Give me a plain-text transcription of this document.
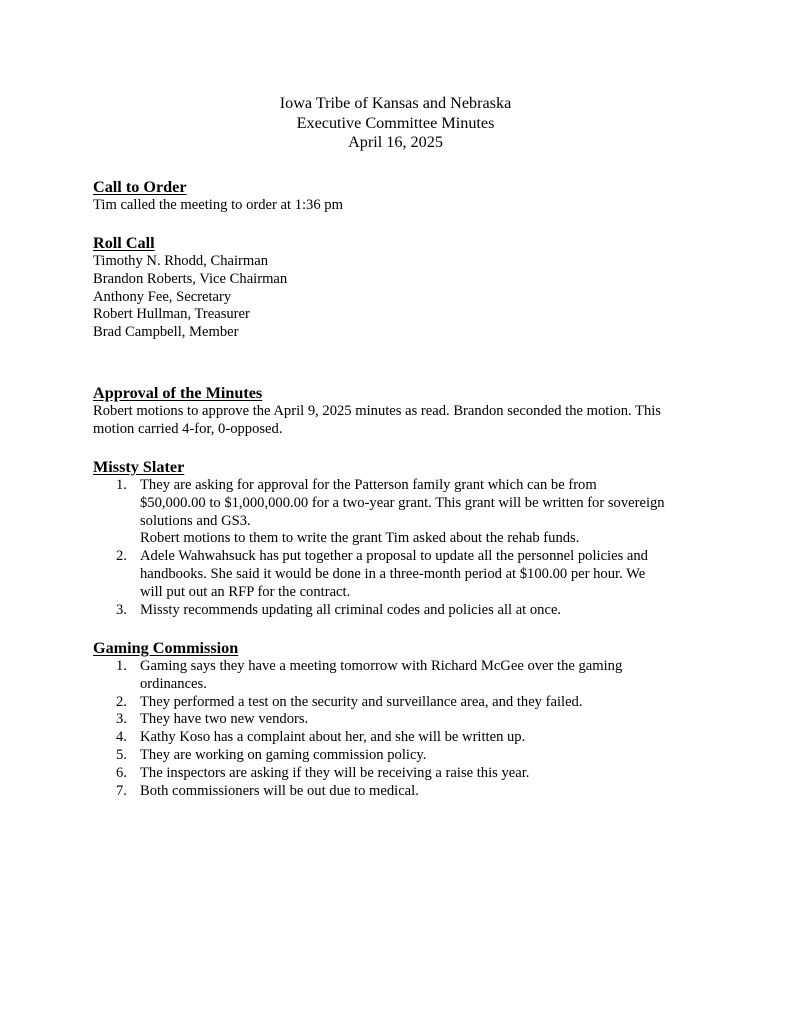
Iowa Tribe of Kansas and Nebraska
Executive Committee Minutes
April 16, 2025
Call to Order
Tim called the meeting to order at 1:36 pm
Roll Call
Timothy N. Rhodd, Chairman
Brandon Roberts, Vice Chairman
Anthony Fee, Secretary
Robert Hullman, Treasurer
Brad Campbell, Member
Approval of the Minutes
Robert motions to approve the April 9, 2025 minutes as read. Brandon seconded the motion. This
motion carried 4-for, 0-opposed.
Missty Slater
1. They are asking for approval for the Patterson family grant which can be from
$50,000.00 to $1,000,000.00 for a two-year grant. This grant will be written for sovereign
solutions and GS3.
Robert motions to them to write the grant Tim asked about the rehab funds.
2. Adele Wahwahsuck has put together a proposal to update all the personnel policies and
handbooks. She said it would be done in a three-month period at $100.00 per hour. We
will put out an RFP for the contract.
3. Missty recommends updating all criminal codes and policies all at once.
Gaming Commission
1. Gaming says they have a meeting tomorrow with Richard McGee over the gaming
ordinances.
2. They performed a test on the security and surveillance area, and they failed.
3. They have two new vendors.
4. Kathy Koso has a complaint about her, and she will be written up.
5. They are working on gaming commission policy.
6. The inspectors are asking if they will be receiving a raise this year.
7. Both commissioners will be out due to medical.
